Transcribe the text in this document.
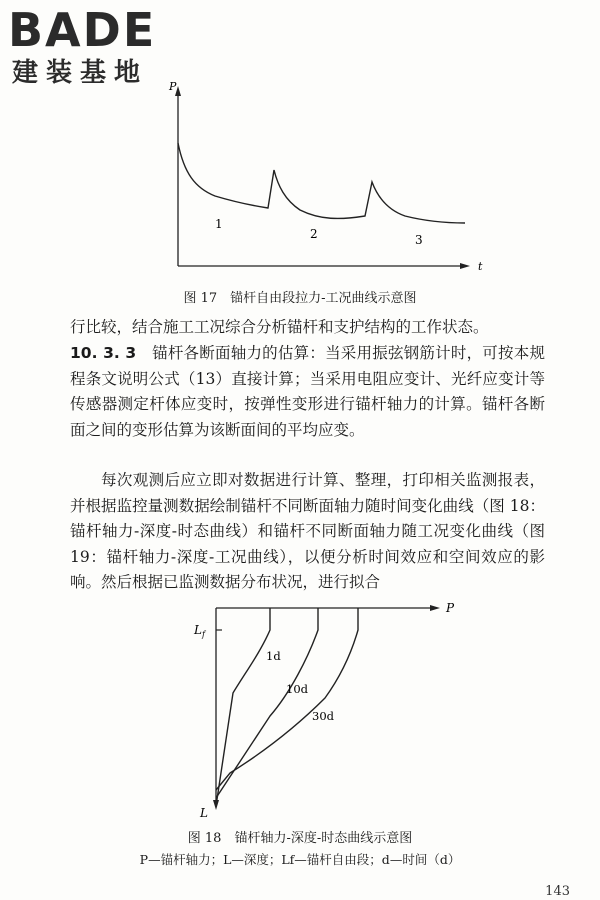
BADE
建装基地 P
t
1
2	3
图 17　锚杆自由段拉力-工况曲线示意图

行比较，结合施工工况综合分析锚杆和支护结构的工作状态。

10. 3. 3　锚杆各断面轴力的估算：当采用振弦钢筋计时，可按本规程条文说明公式（13）直接计算；当采用电阻应变计、光纤应变计等传感器测定杆体应变时，按弹性变形进行锚杆轴力的计算。锚杆各断面之间的变形估算为该断面间的平均应变。

每次观测后应立即对数据进行计算、整理，打印相关监测报表，并根据监控量测数据绘制锚杆不同断面轴力随时间变化曲线（图 18：锚杆轴力-深度-时态曲线）和锚杆不同断面轴力随工况变化曲线（图 19：锚杆轴力-深度-工况曲线），以便分析时间效应和空间效应的影响。然后根据已监测数据分布状况，进行拟合

P
$L_f$
L
1d
10d
30d
图 18　锚杆轴力-深度-时态曲线示意图
P—锚杆轴力；L—深度；Lf—锚杆自由段；d—时间（d）
143
